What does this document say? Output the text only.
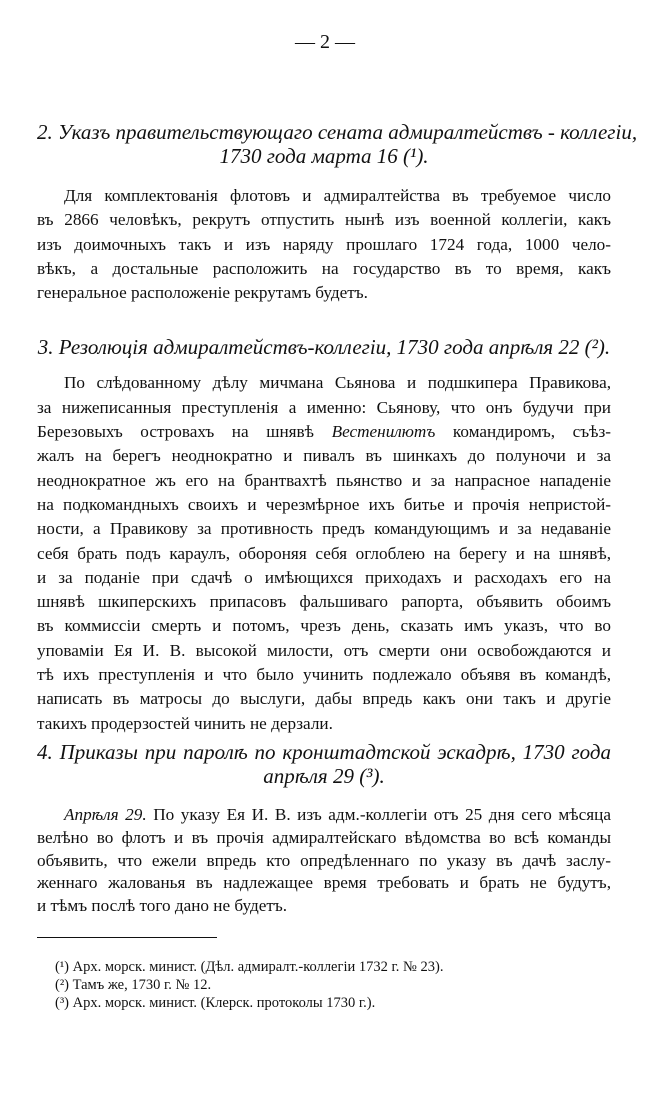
— 2 —
2. Указъ правительствующаго сената адмиралтействъ - коллегіи,
1730 года марта 16 (¹).
Для комплектованія флотовъ и адмиралтейства въ требуемое число
въ 2866 человѣкъ, рекрутъ отпустить нынѣ изъ военной коллегіи, какъ
изъ доимочныхъ такъ и изъ наряду прошлаго 1724 года, 1000 чело-
вѣкъ, а достальные расположить на государство въ то время, какъ
генеральное расположеніе рекрутамъ будетъ.
3. Резолюція адмиралтействъ-коллегіи, 1730 года апрѣля 22 (²).
По слѣдованному дѣлу мичмана Сьянова и подшкипера Правикова,
за нижеписанныя преступленія а именно: Сьянову, что онъ будучи при
Березовыхъ островахъ на шнявѣ Вестенилютъ командиромъ, съѣз-
жалъ на берегъ неоднократно и пивалъ въ шинкахъ до полуночи и за
неоднократное жъ его на брантвахтѣ пьянство и за напрасное нападеніе
на подкомандныхъ своихъ и черезмѣрное ихъ битье и прочія непристой-
ности, а Правикову за противность предъ командующимъ и за недаваніе
себя брать подъ караулъ, обороняя себя оглоблею на берегу и на шнявѣ,
и за поданіе при сдачѣ о имѣющихся приходахъ и расходахъ его на
шнявѣ шкиперскихъ припасовъ фальшиваго рапорта, объявить обоимъ
въ коммиссіи смерть и потомъ, чрезъ день, сказать имъ указъ, что во
уповаміи Ея И. В. высокой милости, отъ смерти они освобождаются и
тѣ ихъ преступленія и что было учинить подлежало объявя въ командѣ,
написать въ матросы до выслуги, дабы впредь какъ они такъ и другіе
такихъ продерзостей чинить не дерзали.
4. Приказы при паролѣ по кронштадтской эскадрѣ, 1730 года
апрѣля 29 (³).
Апрѣля 29. По указу Ея И. В. изъ адм.-коллегіи отъ 25 дня сего мѣсяца
велѣно во флотъ и въ прочія адмиралтейскаго вѣдомства во всѣ команды
объявить, что ежели впредь кто опредѣленнаго по указу въ дачѣ заслу-
женнаго жалованья въ надлежащее время требовать и брать не будутъ,
и тѣмъ послѣ того дано не будетъ.
(¹) Арх. морск. минист. (Дѣл. адмиралт.-коллегіи 1732 г. № 23).
(²) Тамъ же, 1730 г. № 12.
(³) Арх. морск. минист. (Клерск. протоколы 1730 г.).
